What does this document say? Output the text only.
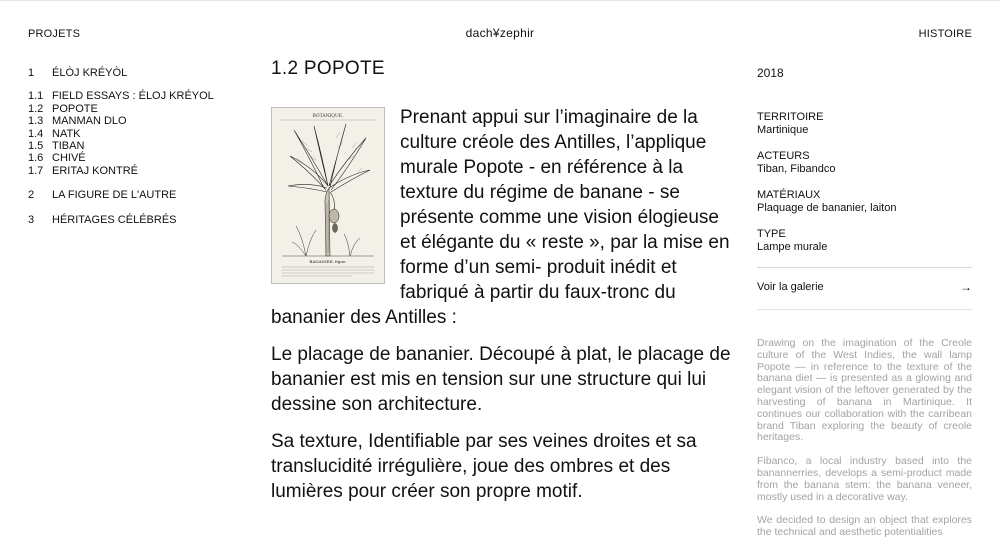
PROJETS	dach¥zephir	HISTOIRE
1	ÉLÒJ KRÉYÒL
1.1 FIELD ESSAYS : ÉLOJ KRÉYOL
1.2 POPOTE
1.3 MANMAN DLO
1.4 NATK
1.5 TIBAN
1.6 CHIVÉ
1.7 ERITAJ KONTRÉ
2	LA FIGURE DE L'AUTRE
3	HÉRITAGES CÉLÉBRÉS
1.2 POPOTE
BOTANIQUE.
BANANIER. figue.

Prenant appui sur l’imaginaire de la culture créole des Antilles, l’applique murale Popote - en référence à la texture du régime de banane - se présente comme une vision élogieuse et élégante du « reste », par la mise en forme d’un semi- produit inédit et fabriqué à partir du faux-tronc du bananier des Antilles :

Le placage de bananier. Découpé à plat, le placage de bananier est mis en tension sur une structure qui lui dessine son architecture.

Sa texture, Identifiable par ses veines droites et sa translucidité irrégulière, joue des ombres et des lumières pour créer son propre motif.

2018
TERRITOIRE
Martinique
ACTEURS
Tiban, Fibandco
MATÉRIAUX
Plaquage de bananier, laiton
TYPE
Lampe murale
Voir la galerie	→

Drawing on the imagination of the Creole culture of the West Indies, the wall lamp Popote — in reference to the texture of the banana diet — is presented as a glowing and elegant vision of the leftover generated by the harvesting of banana in Martinique. It continues our collaboration with the carribean brand Tiban exploring the beauty of creole heritages.

Fibanco, a local industry based into the banannerries, develops a semi-product made from the banana stem: the banana veneer, mostly used in a decorative way.

We decided to design an object that explores the technical and aesthetic potentialities
